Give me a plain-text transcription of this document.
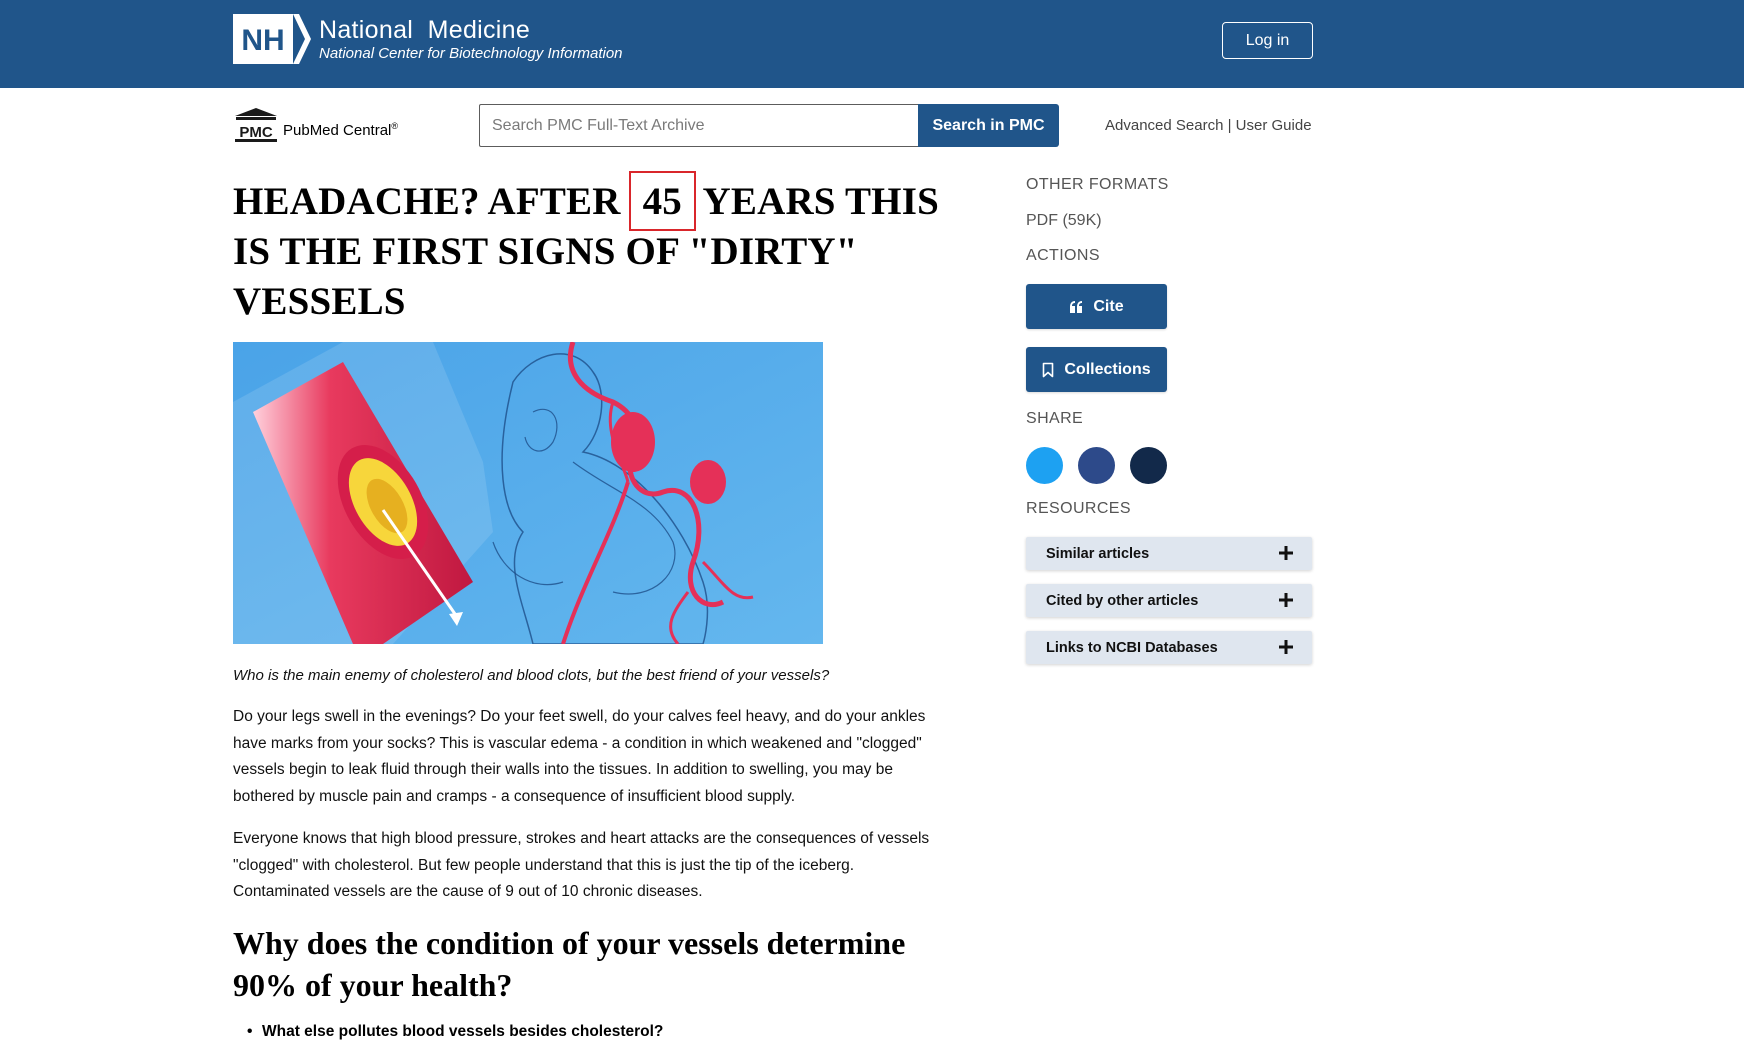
NH National  Medicine
National Center for Biotechnology Information
Log in
PMC PubMed Central®
Search PMC Full-Text Archive	Search in PMC	Advanced Search | User Guide
HEADACHE? AFTER 45 YEARS THIS IS THE FIRST SIGNS OF "DIRTY" VESSELS

Who is the main enemy of cholesterol and blood clots, but the best friend of your vessels?

Do your legs swell in the evenings? Do your feet swell, do your calves feel heavy, and do your ankles have marks from your socks? This is vascular edema - a condition in which weakened and "clogged" vessels begin to leak fluid through their walls into the tissues. In addition to swelling, you may be bothered by muscle pain and cramps - a consequence of insufficient blood supply.

Everyone knows that high blood pressure, strokes and heart attacks are the consequences of vessels "clogged" with cholesterol. But few people understand that this is just the tip of the iceberg. Contaminated vessels are the cause of 9 out of 10 chronic diseases.

Why does the condition of your vessels determine 90% of your health?
• What else pollutes blood vessels besides cholesterol?
OTHER FORMATS
PDF (59K)
ACTIONS
Cite
Collections
SHARE
RESOURCES
Similar articles
Cited by other articles
Links to NCBI Databases
